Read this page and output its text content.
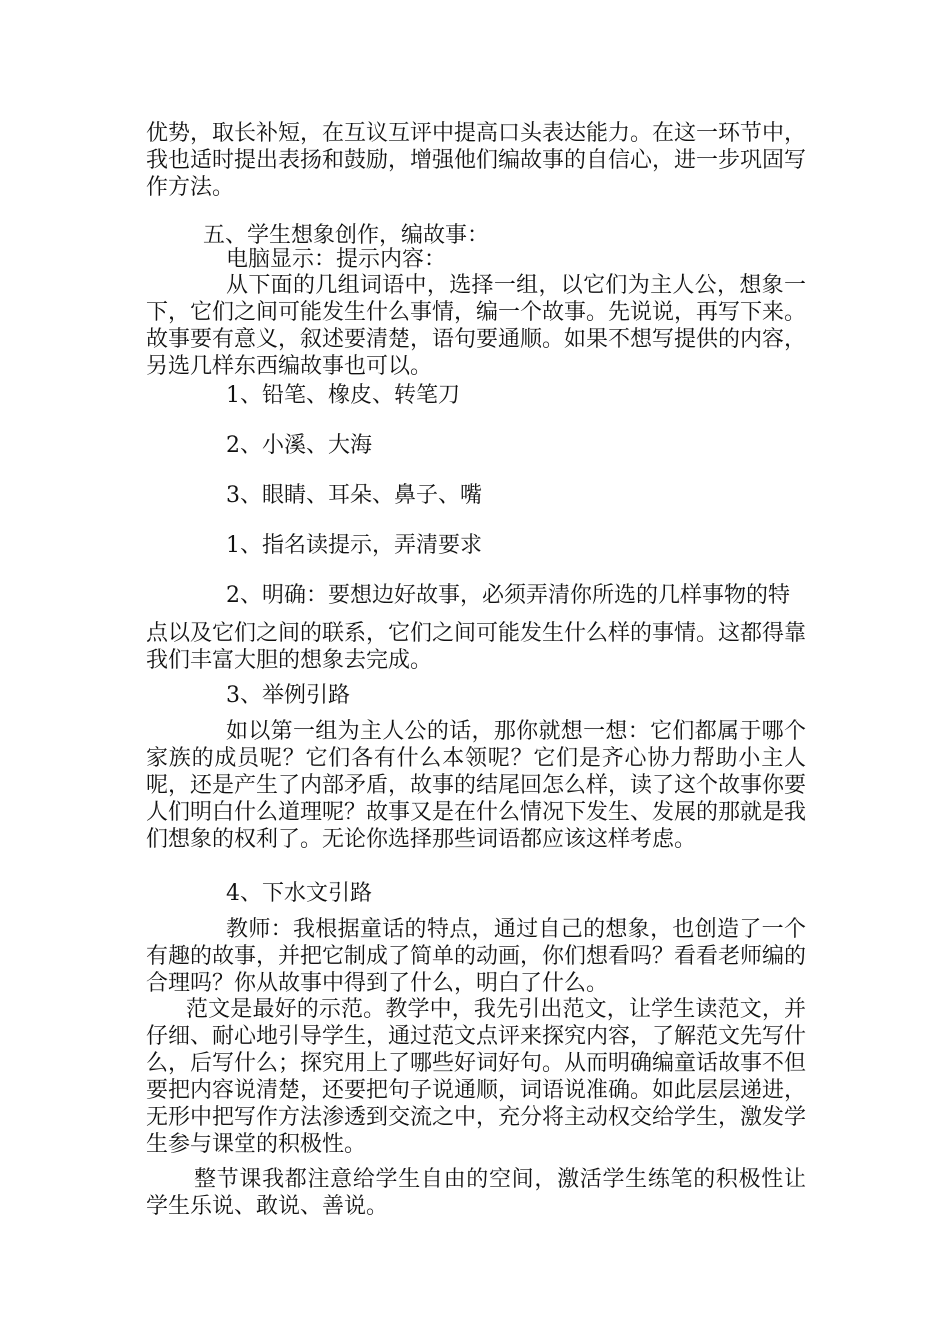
优势，取长补短，在互议互评中提高口头表达能力。在这一环节中，我也适时提出表扬和鼓励，增强他们编故事的自信心，进一步巩固写作方法。

五、学生想象创作，编故事：

电脑显示：提示内容：

从下面的几组词语中，选择一组，以它们为主人公，想象一下，它们之间可能发生什么事情，编一个故事。先说说，再写下来。故事要有意义，叙述要清楚，语句要通顺。如果不想写提供的内容，另选几样东西编故事也可以。

1、铅笔、橡皮、转笔刀

2、小溪、大海

3、眼睛、耳朵、鼻子、嘴

1、指名读提示，弄清要求

2、明确：要想边好故事，必须弄清你所选的几样事物的特

点以及它们之间的联系，它们之间可能发生什么样的事情。这都得靠我们丰富大胆的想象去完成。

3、举例引路

如以第一组为主人公的话，那你就想一想：它们都属于哪个家族的成员呢？它们各有什么本领呢？它们是齐心协力帮助小主人呢，还是产生了内部矛盾，故事的结尾回怎么样，读了这个故事你要人们明白什么道理呢？故事又是在什么情况下发生、发展的那就是我们想象的权利了。无论你选择那些词语都应该这样考虑。

4、下水文引路

教师：我根据童话的特点，通过自己的想象，也创造了一个有趣的故事，并把它制成了简单的动画，你们想看吗？看看老师编的合理吗？你从故事中得到了什么，明白了什么。

范文是最好的示范。教学中，我先引出范文，让学生读范文，并仔细、耐心地引导学生，通过范文点评来探究内容，了解范文先写什么，后写什么；探究用上了哪些好词好句。从而明确编童话故事不但要把内容说清楚，还要把句子说通顺，词语说准确。如此层层递进，无形中把写作方法渗透到交流之中，充分将主动权交给学生，激发学生参与课堂的积极性。

整节课我都注意给学生自由的空间，激活学生练笔的积极性让学生乐说、敢说、善说。
